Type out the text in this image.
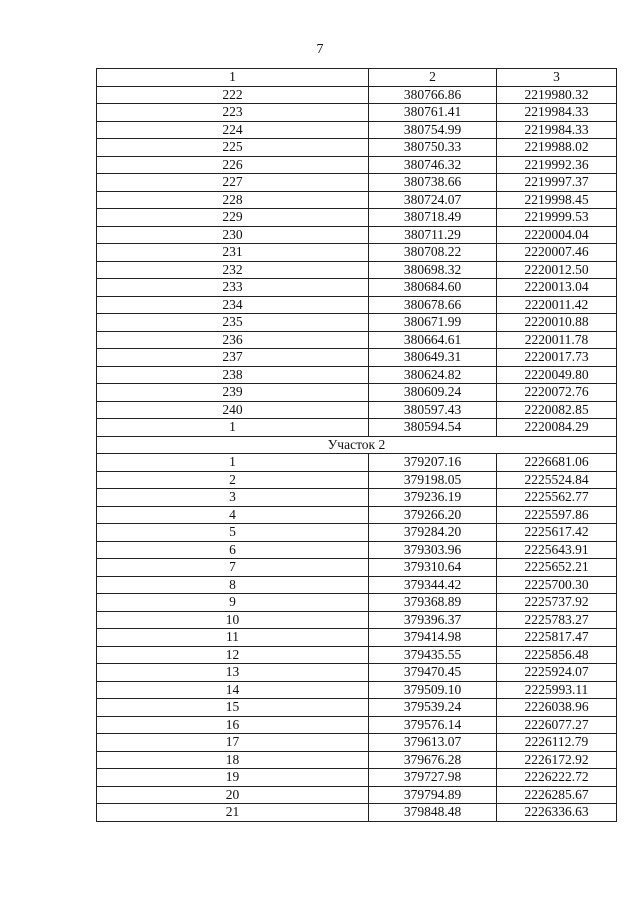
7
1	2	3
222	380766.86	2219980.32
223	380761.41	2219984.33
224	380754.99	2219984.33
225	380750.33	2219988.02
226	380746.32	2219992.36
227	380738.66	2219997.37
228	380724.07	2219998.45
229	380718.49	2219999.53
230	380711.29	2220004.04
231	380708.22	2220007.46
232	380698.32	2220012.50
233	380684.60	2220013.04
234	380678.66	2220011.42
235	380671.99	2220010.88
236	380664.61	2220011.78
237	380649.31	2220017.73
238	380624.82	2220049.80
239	380609.24	2220072.76
240	380597.43	2220082.85
1	380594.54	2220084.29
Участок 2		
1	379207.16	2226681.06
2	379198.05	2225524.84
3	379236.19	2225562.77
4	379266.20	2225597.86
5	379284.20	2225617.42
6	379303.96	2225643.91
7	379310.64	2225652.21
8	379344.42	2225700.30
9	379368.89	2225737.92
10	379396.37	2225783.27
11	379414.98	2225817.47
12	379435.55	2225856.48
13	379470.45	2225924.07
14	379509.10	2225993.11
15	379539.24	2226038.96
16	379576.14	2226077.27
17	379613.07	2226112.79
18	379676.28	2226172.92
19	379727.98	2226222.72
20	379794.89	2226285.67
21	379848.48	2226336.63
